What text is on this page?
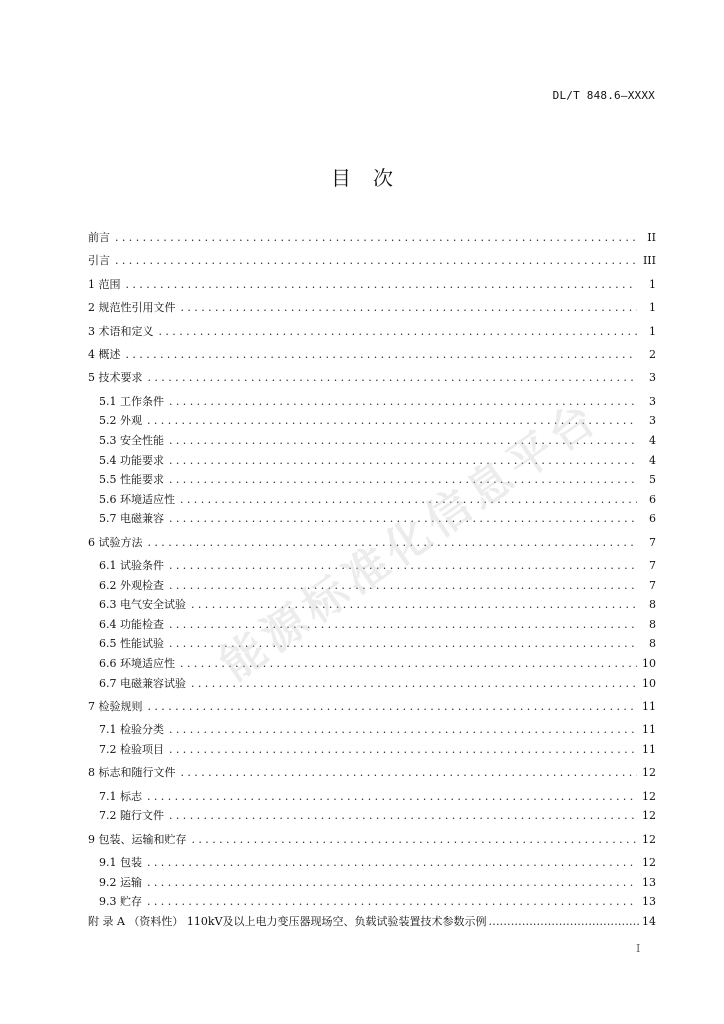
DL/T 848.6—XXXX
目次
前言 .....	II
引言 .....	III
1 范围 .....	1
2 规范性引用文件 .....	1
3 术语和定义 .....	1
4 概述 .....	2
5 技术要求 .....	3
5.1 工作条件 .....	3
5.2 外观 .....	3
5.3 安全性能 .....	4
5.4 功能要求 .....	4
5.5 性能要求 .....	5
5.6 环境适应性 .....	6
5.7 电磁兼容 .....	6
6 试验方法 .....	7
6.1 试验条件 .....	7
6.2 外观检查 .....	7
6.3 电气安全试验 .....	8
6.4 功能检查 .....	8
6.5 性能试验 .....	8
6.6 环境适应性 .....	10
6.7 电磁兼容试验 .....	10
7 检验规则 .....	11
7.1 检验分类 .....	11
7.2 检验项目 .....	11
8 标志和随行文件 .....	12
7.1 标志 .....	12
7.2 随行文件 .....	12
9 包装、运输和贮存 .....	12
9.1 包装 .....	12
9.2 运输 .....	13
9.3 贮存 .....	13
附 录 A （资料性） 110kV及以上电力变压器现场空、负载试验装置技术参数示例 .....	14
能源标准化信息平台
I
